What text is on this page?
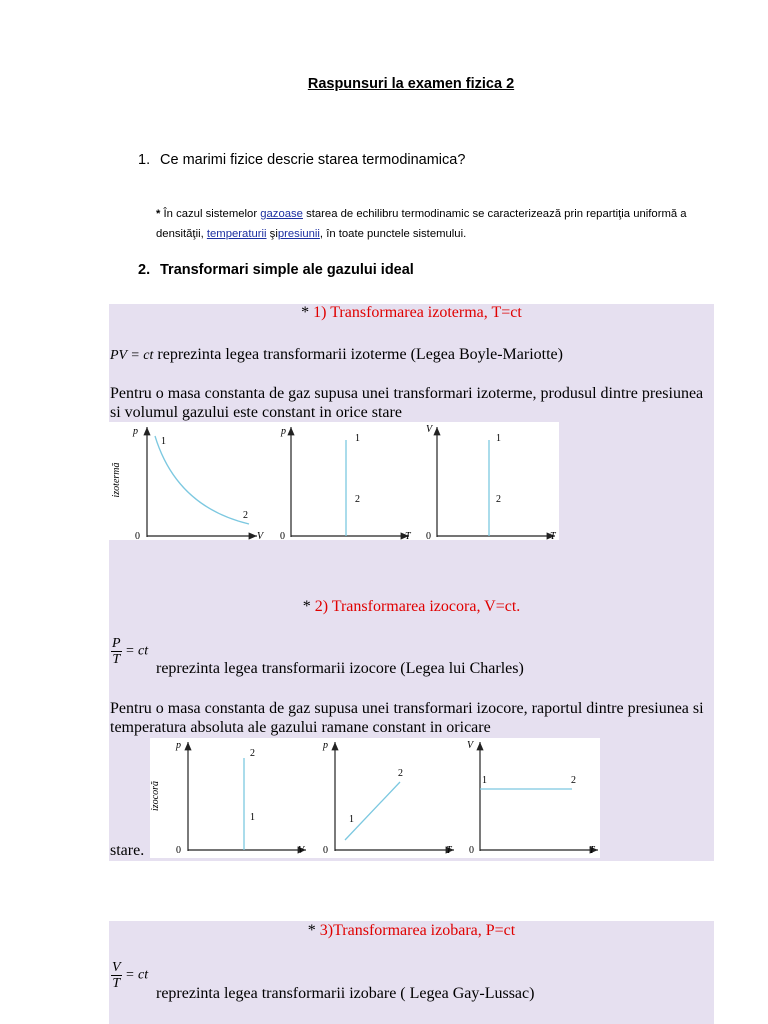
Raspunsuri la examen fizica 2
1. Ce marimi fizice descrie starea termodinamica?
* În cazul sistemelor gazoase starea de echilibru termodinamic se caracterizează prin repartiţia uniformă a densităţii, temperaturii şipresiunii, în toate punctele sistemului.
2. Transformari simple ale gazului ideal
* 1) Transformarea izoterma, T=ct
PV = ct reprezinta legea transformarii izoterme (Legea Boyle-Mariotte)
Pentru o masa constanta de gaz supusa unei transformari izoterme, produsul dintre presiunea si volumul gazului este constant in orice stare
izotermă
p
V
0
1
2
p
T
0
1
2
V
T
0
1
2
* 2) Transformarea izocora, V=ct.
$\frac{P}{T}$ = ct
reprezinta legea transformarii izocore (Legea lui Charles)
Pentru o masa constanta de gaz supusa unei transformari izocore, raportul dintre presiunea si temperatura absoluta ale gazului ramane constant in oricare
izocoră
p
V
0
1
2
p
T
0
1
2
V
T
0
1	2
stare.
* 3)Transformarea izobara, P=ct
$\frac{V}{T}$ = ct
reprezinta legea transformarii izobare ( Legea Gay-Lussac)
